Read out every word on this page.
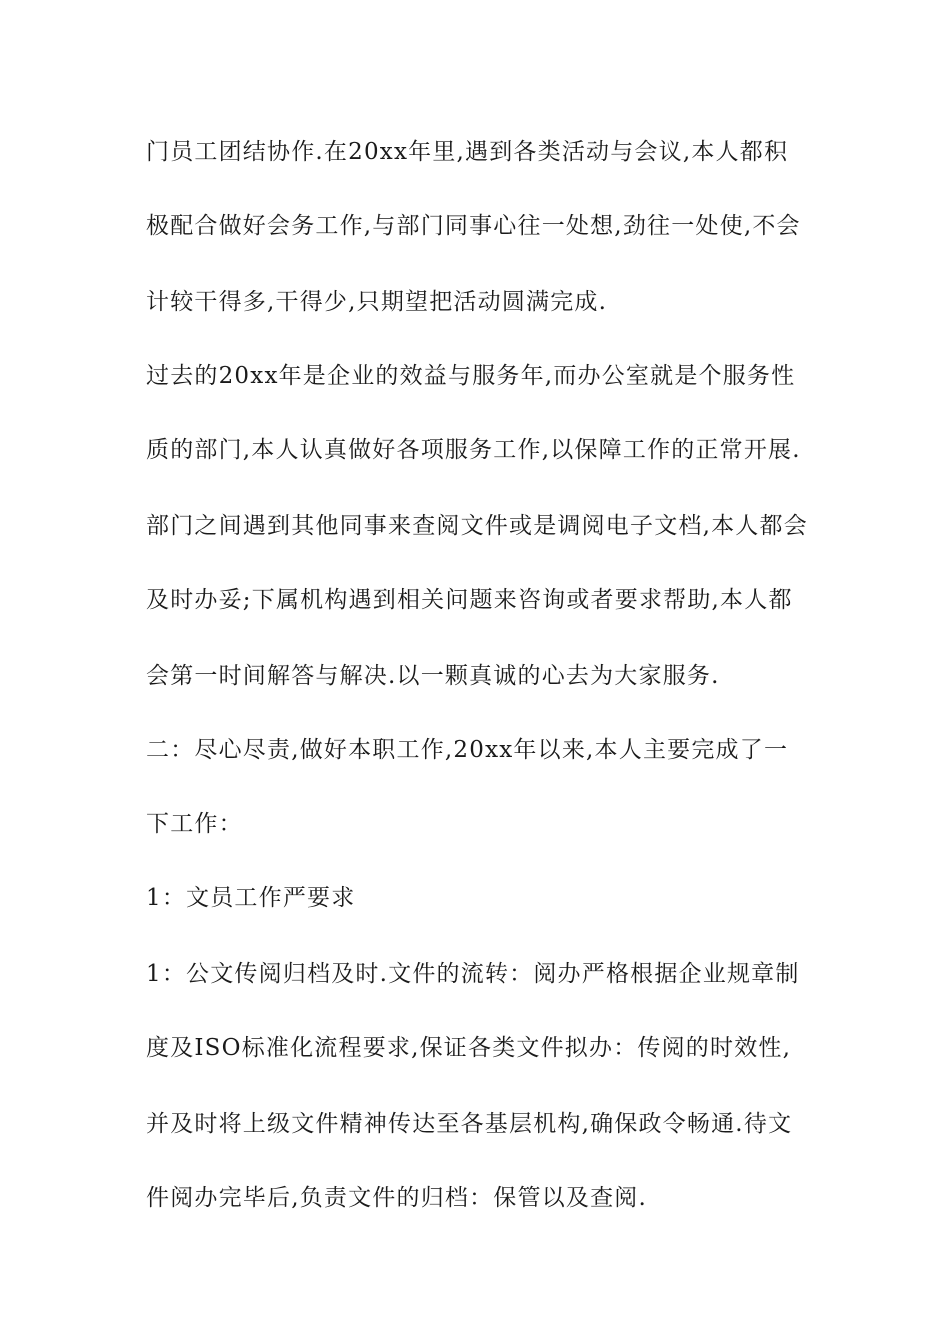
门员工团结协作.在20xx年里,遇到各类活动与会议,本人都积
极配合做好会务工作,与部门同事心往一处想,劲往一处使,不会
计较干得多,干得少,只期望把活动圆满完成.
过去的20xx年是企业的效益与服务年,而办公室就是个服务性
质的部门,本人认真做好各项服务工作,以保障工作的正常开展.
部门之间遇到其他同事来查阅文件或是调阅电子文档,本人都会
及时办妥;下属机构遇到相关问题来咨询或者要求帮助,本人都
会第一时间解答与解决.以一颗真诚的心去为大家服务.
二：尽心尽责,做好本职工作,20xx年以来,本人主要完成了一
下工作：
1：文员工作严要求
1：公文传阅归档及时.文件的流转：阅办严格根据企业规章制
度及ISO标准化流程要求,保证各类文件拟办：传阅的时效性,
并及时将上级文件精神传达至各基层机构,确保政令畅通.待文
件阅办完毕后,负责文件的归档：保管以及查阅.
